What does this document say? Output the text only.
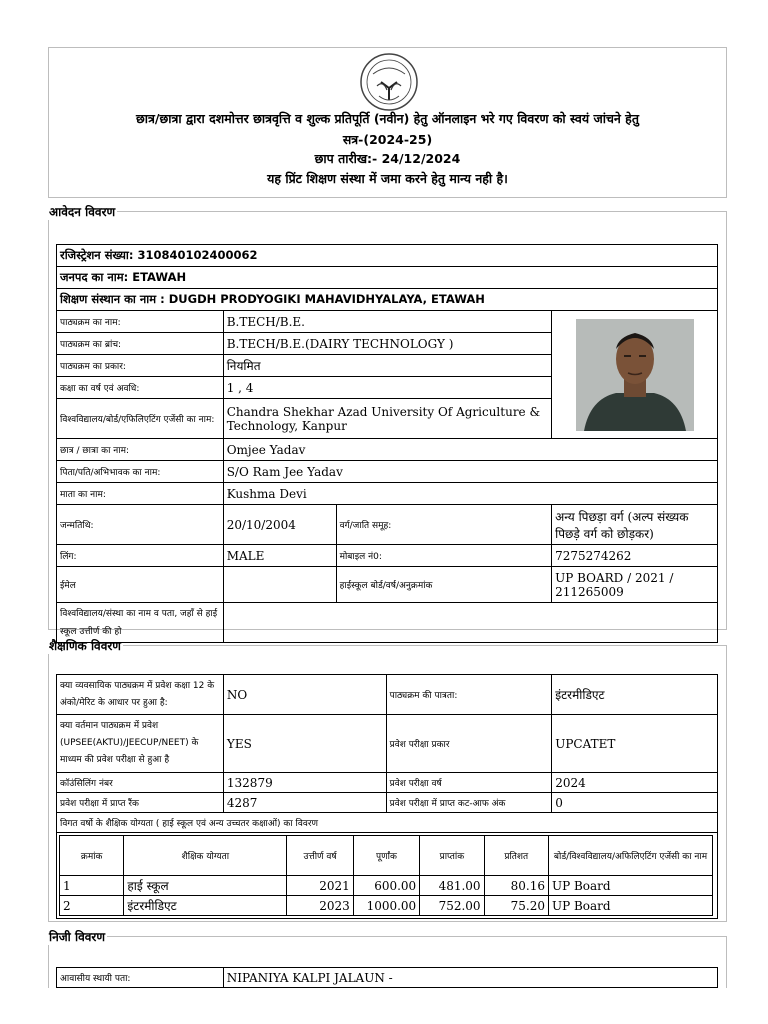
छात्र/छात्रा द्वारा दशमोत्तर छात्रवृत्ति व शुल्क प्रतिपूर्ति (नवीन) हेतु ऑनलाइन भरे गए विवरण को स्वयं जांचने हेतु
सत्र-(2024-25)
छाप तारीख:- 24/12/2024
यह प्रिंट शिक्षण संस्था में जमा करने हेतु मान्य नही है।
आवेदन विवरण
रजिस्ट्रेशन संख्या: 310840102400062			
जनपद का नाम: ETAWAH			
शिक्षण संस्थान का नाम : DUGDH PRODYOGIKI MAHAVIDHYALAYA, ETAWAH			
पाठ्यक्रम का नाम:	B.TECH/B.E.	

पाठ्यक्रम का ब्रांच:	B.TECH/B.E.(DAIRY TECHNOLOGY )		
पाठ्यक्रम का प्रकार:	नियमित		
कक्षा का वर्ष एवं अवधि:	1 , 4		
विश्वविद्यालय/बोर्ड/एफिलिएटिंग एजेंसी का नाम:	Chandra Shekhar Azad University Of Agriculture & Technology, Kanpur		
छात्र / छात्रा का नाम:	Omjee Yadav		
पिता/पति/अभिभावक का नाम:	S/O Ram Jee Yadav		
माता का नाम:	Kushma Devi		
जन्मतिथि:	20/10/2004	वर्ग/जाति समूह:	अन्य पिछड़ा वर्ग (अल्प संख्यक पिछड़े वर्ग को छोड़कर)
लिंग:	MALE	मोबाइल नं0:	7275274262
ईमेल		हाईस्कूल बोर्ड/वर्ष/अनुक्रमांक	UP BOARD / 2021 / 211265009
विश्वविद्यालय/संस्था का नाम व पता, जहाँ से हाई स्कूल उत्तीर्ण की हो			
शैक्षणिक विवरण
क्या व्यवसायिक पाठ्यक्रम में प्रवेश कक्षा 12 के अंको/मेरिट के आधार पर हुआ है:	NO	पाठ्यक्रम की पात्रता:	इंटरमीडिएट
क्या वर्तमान पाठ्यक्रम में प्रवेश (UPSEE(AKTU)/JEECUP/NEET) के माध्यम की प्रवेश परीक्षा से हुआ है	YES	प्रवेश परीक्षा प्रकार	UPCATET
कॉउंसिलिंग नंबर	132879	प्रवेश परीक्षा वर्ष	2024
प्रवेश परीक्षा में प्राप्त रैंक	4287	प्रवेश परीक्षा में प्राप्त कट-आफ अंक	0
विगत वर्षो के शैक्षिक योग्यता ( हाई स्कूल एवं अन्य उच्चतर कक्षाओं) का विवरण

क्रमांक	शैक्षिक योग्यता	उत्तीर्ण वर्ष	पूर्णांक	प्राप्तांक	प्रतिशत	बोर्ड/विश्वविद्यालय/अफिलिएटिंग एजेंसी का नाम
1	हाई स्कूल	2021	600.00	481.00	80.16	UP Board
2	इंटरमीडिएट	2023	1000.00	752.00	75.20	UP Board
निजी विवरण
आवासीय स्थायी पता:	NIPANIYA KALPI JALAUN -
